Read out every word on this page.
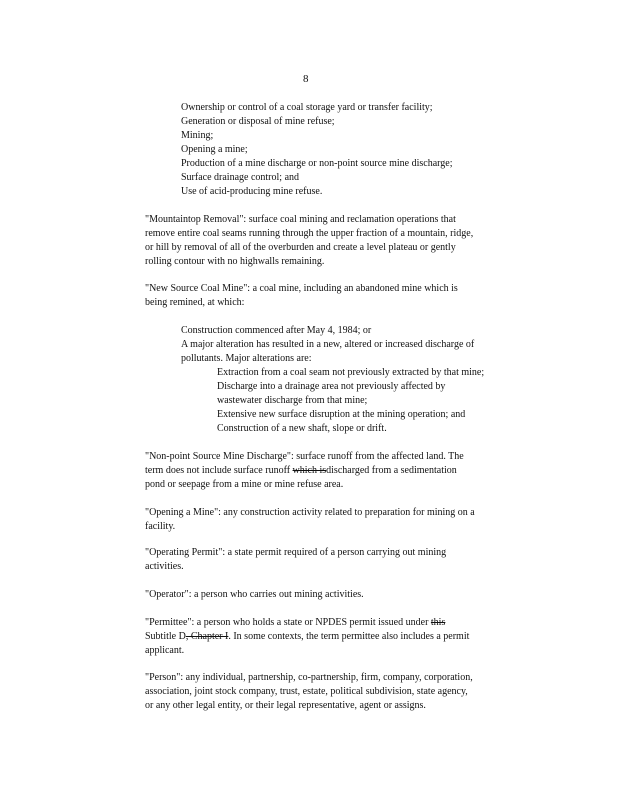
8
Ownership or control of a coal storage yard or transfer facility;
Generation or disposal of mine refuse;
Mining;
Opening a mine;
Production of a mine discharge or non-point source mine discharge;
Surface drainage control; and
Use of acid-producing mine refuse.
"Mountaintop Removal": surface coal mining and reclamation operations that
remove entire coal seams running through the upper fraction of a mountain, ridge,
or hill by removal of all of the overburden and create a level plateau or gently
rolling contour with no highwalls remaining.
"New Source Coal Mine": a coal mine, including an abandoned mine which is
being remined, at which:
Construction commenced after May 4, 1984; or
A major alteration has resulted in a new, altered or increased discharge of
pollutants. Major alterations are:
Extraction from a coal seam not previously extracted by that mine;
Discharge into a drainage area not previously affected by
wastewater discharge from that mine;
Extensive new surface disruption at the mining operation; and
Construction of a new shaft, slope or drift.
"Non-point Source Mine Discharge": surface runoff from the affected land. The
term does not include surface runoff which isdischarged from a sedimentation
pond or seepage from a mine or mine refuse area.
"Opening a Mine": any construction activity related to preparation for mining on a
facility.
"Operating Permit": a state permit required of a person carrying out mining
activities.
"Operator": a person who carries out mining activities.
"Permittee": a person who holds a state or NPDES permit issued under this
Subtitle D, Chapter I. In some contexts, the term permittee also includes a permit
applicant.
"Person": any individual, partnership, co-partnership, firm, company, corporation,
association, joint stock company, trust, estate, political subdivision, state agency,
or any other legal entity, or their legal representative, agent or assigns.
